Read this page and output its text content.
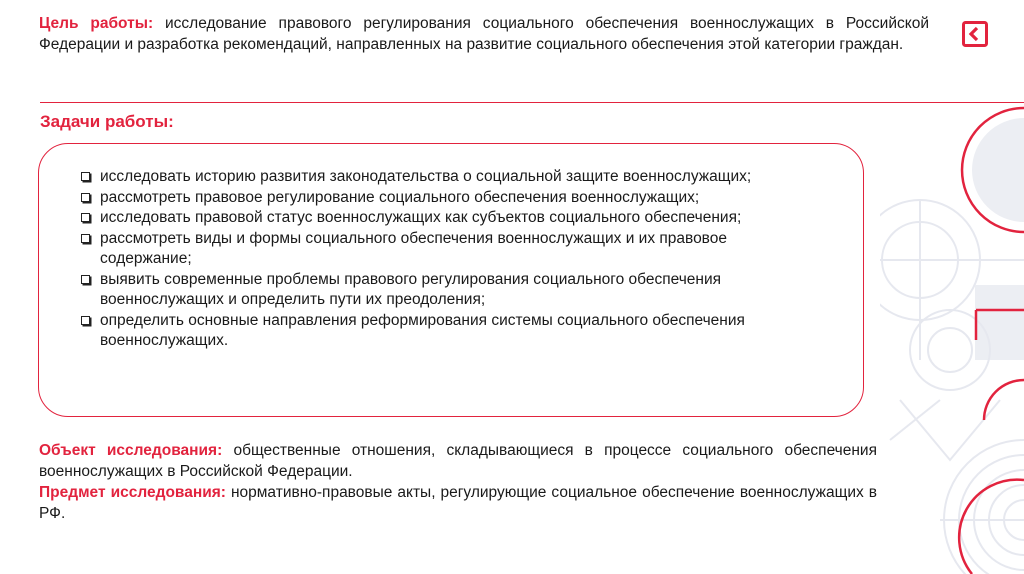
Цель работы: исследование правового регулирования социального обеспечения военнослужащих в Российской Федерации и разработка рекомендаций, направленных на развитие социального обеспечения этой категории граждан.
Задачи работы:
исследовать историю развития законодательства о социальной защите военнослужащих;
рассмотреть правовое регулирование социального обеспечения военнослужащих;
исследовать правовой статус военнослужащих как субъектов социального обеспечения;
рассмотреть виды и формы социального обеспечения военнослужащих и их правовое содержание;
выявить современные проблемы правового регулирования социального обеспечения военнослужащих и определить пути их преодоления;
определить основные направления реформирования системы социального обеспечения военнослужащих.
Объект исследования: общественные отношения, складывающиеся в процессе социального обеспечения военнослужащих в Российской Федерации.
Предмет исследования: нормативно-правовые акты, регулирующие социальное обеспечение военнослужащих в РФ.
